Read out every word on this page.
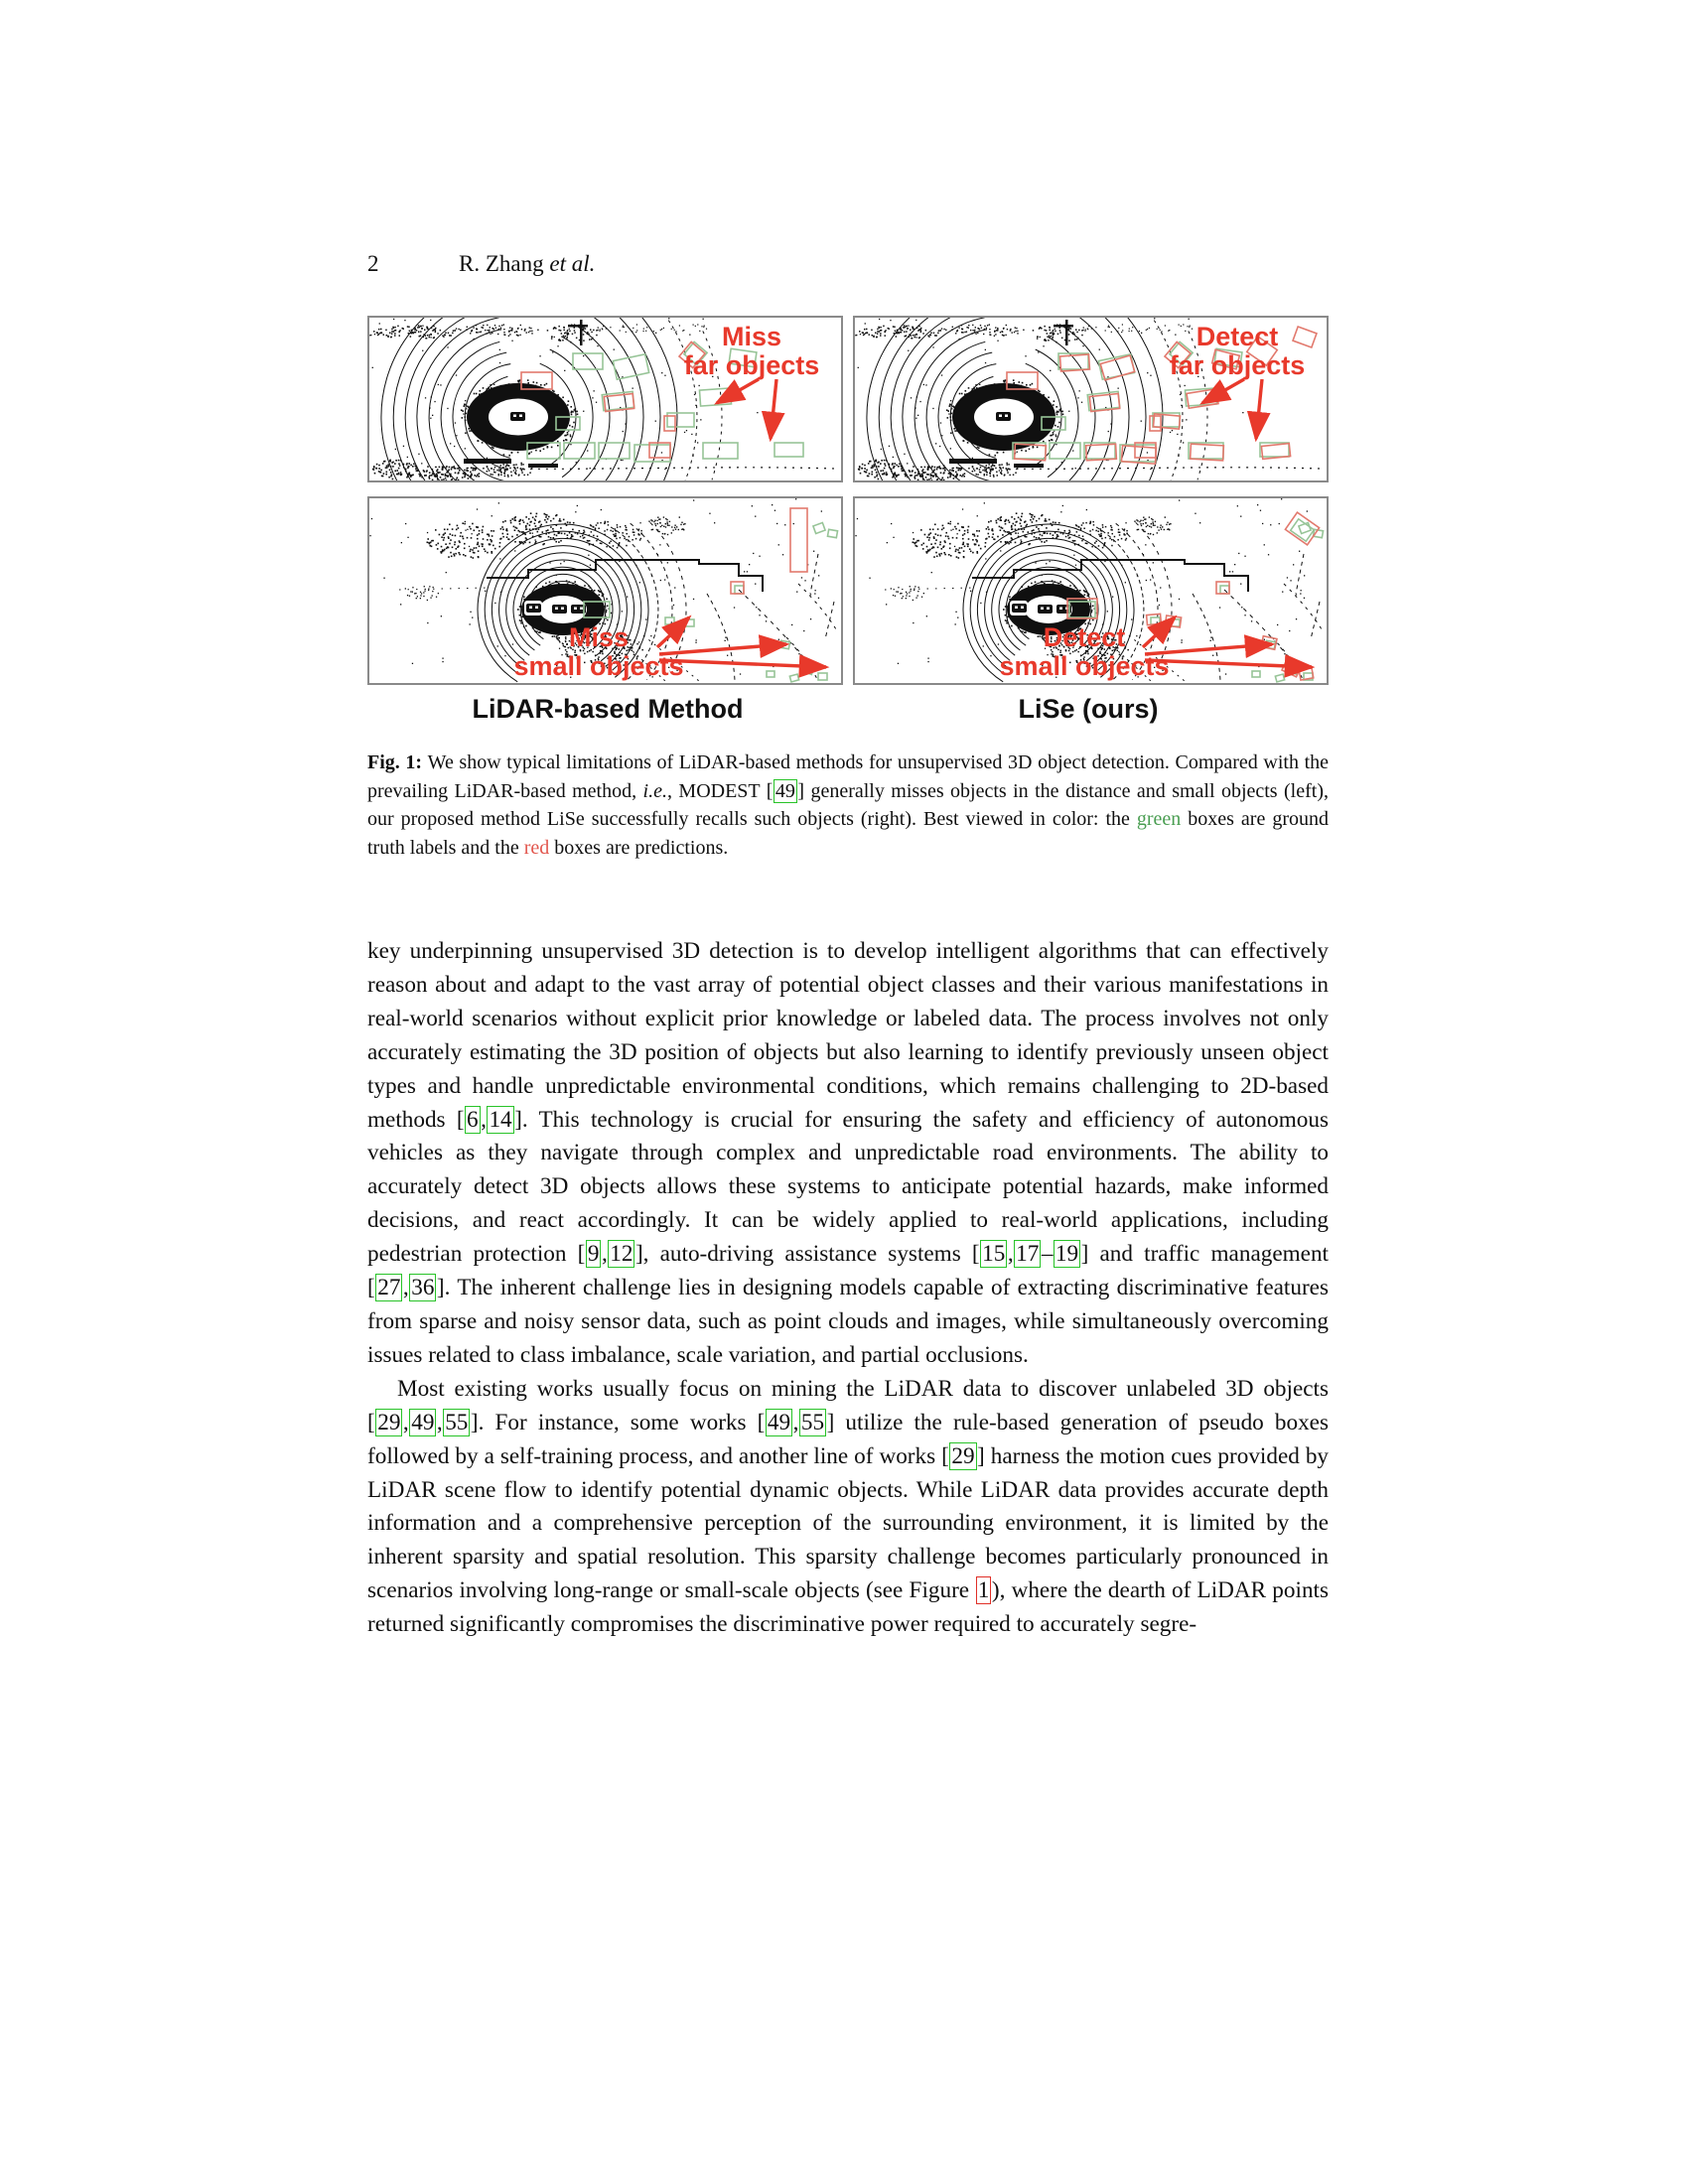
2	R. Zhang et al.
Miss
far objects
Detect
far objects
Miss
small objects
Detect
small objects
LiDAR-based Method	LiSe (ours)
Fig. 1: We show typical limitations of LiDAR-based methods for unsupervised 3D object detection. Compared with the prevailing LiDAR-based method, i.e., MODEST [ 49 ] generally misses objects in the distance and small objects (left), our proposed method LiSe successfully recalls such objects (right). Best viewed in color: the green boxes are ground truth labels and the red boxes are predictions.

key underpinning unsupervised 3D detection is to develop intelligent algorithms that can effectively reason about and adapt to the vast array of potential object classes and their various manifestations in real-world scenarios without explicit prior knowledge or labeled data. The process involves not only accurately estimating the 3D position of objects but also learning to identify previously unseen object types and handle unpredictable environmental conditions, which remains challenging to 2D-based methods [ 6 , 14 ]. This technology is crucial for ensuring the safety and efficiency of autonomous vehicles as they navigate through complex and unpredictable road environments. The ability to accurately detect 3D objects allows these systems to anticipate potential hazards, make informed decisions, and react accordingly. It can be widely applied to real-world applications, including pedestrian protection [ 9 , 12 ], auto-driving assistance systems [ 15 , 17 – 19 ] and traffic management [ 27 , 36 ]. The inherent challenge lies in designing models capable of extracting discriminative features from sparse and noisy sensor data, such as point clouds and images, while simultaneously overcoming issues related to class imbalance, scale variation, and partial occlusions.

Most existing works usually focus on mining the LiDAR data to discover unlabeled 3D objects [ 29 , 49 , 55 ]. For instance, some works [ 49 , 55 ] utilize the rule-based generation of pseudo boxes followed by a self-training process, and another line of works [ 29 ] harness the motion cues provided by LiDAR scene flow to identify potential dynamic objects. While LiDAR data provides accurate depth information and a comprehensive perception of the surrounding environment, it is limited by the inherent sparsity and spatial resolution. This sparsity challenge becomes particularly pronounced in scenarios involving long-range or small-scale objects (see Figure 1 ), where the dearth of LiDAR points returned significantly compromises the discriminative power required to accurately segre-
